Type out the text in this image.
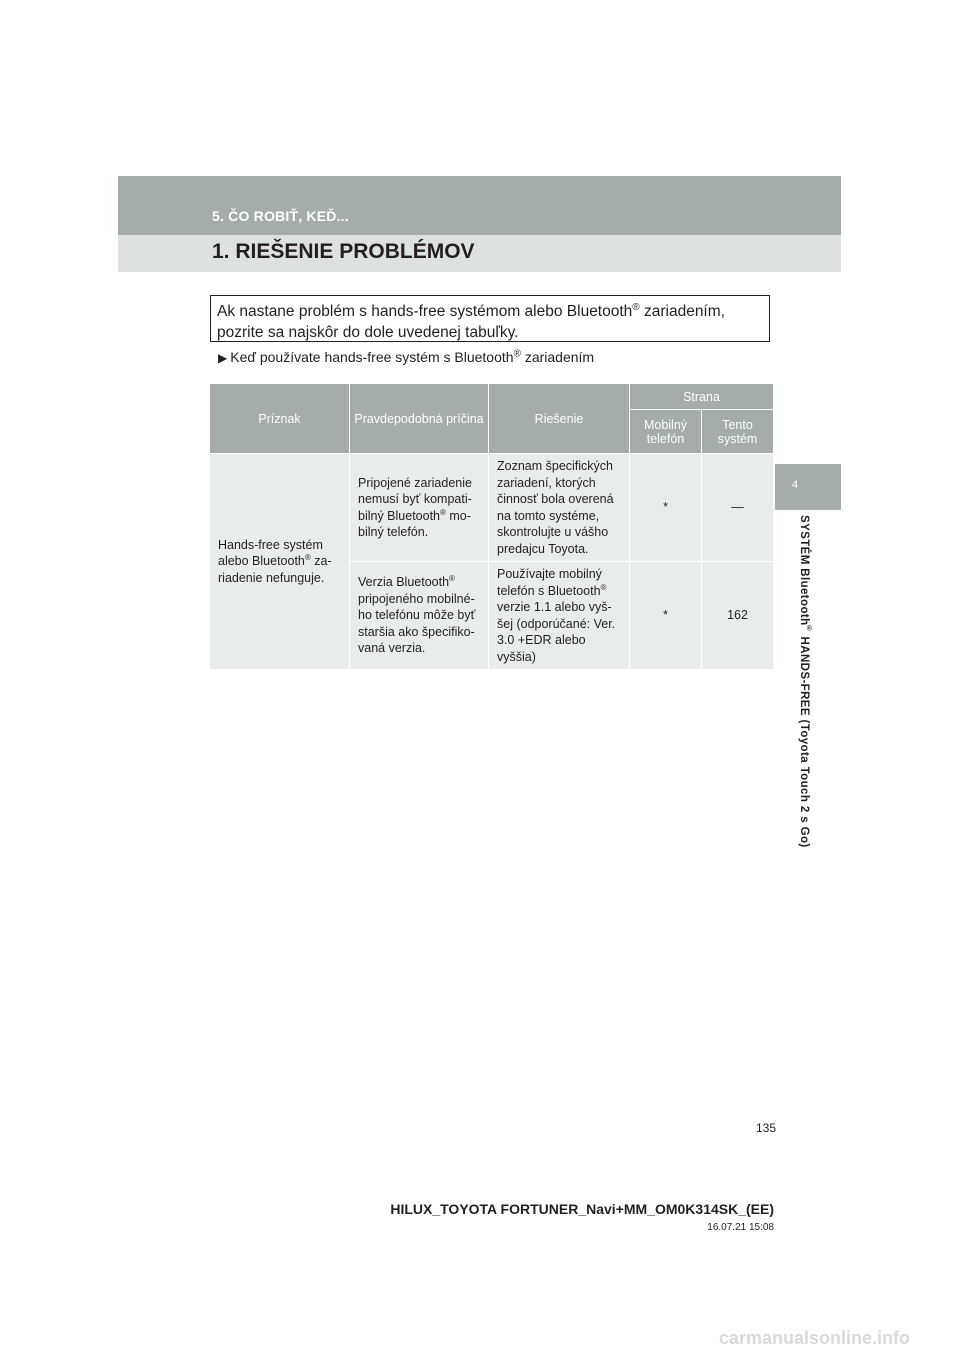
5. ČO ROBIŤ, KEĎ...
1. RIEŠENIE PROBLÉMOV
4
SYSTÉM Bluetooth® HANDS-FREE (Toyota Touch 2 s Go)
Ak nastane problém s hands-free systémom alebo Bluetooth® zariadením, pozrite sa najskôr do dole uvedenej tabuľky.
▶ Keď používate hands-free systém s Bluetooth® zariadením
Príznak	Pravdepodobná príčina	Riešenie	Strana	
			Mobilný telefón	Tento systém
Hands-free systém alebo Bluetooth® za-riadenie nefunguje.	Pripojené zariadenie nemusí byť kompati-bilný Bluetooth® mo-bilný telefón.	Zoznam špecifických zariadení, ktorých činnosť bola overená na tomto systéme, skontrolujte u vášho predajcu Toyota.	*	—
	Verzia Bluetooth® pripojeného mobilné-ho telefónu môže byť staršia ako špecifiko-vaná verzia.	Používajte mobilný telefón s Bluetooth® verzie 1.1 alebo vyš-šej (odporúčané: Ver. 3.0 +EDR alebo vyššia)	*	162
135
HILUX_TOYOTA FORTUNER_Navi+MM_OM0K314SK_(EE)
16.07.21 15:08
carmanualsonline.info
